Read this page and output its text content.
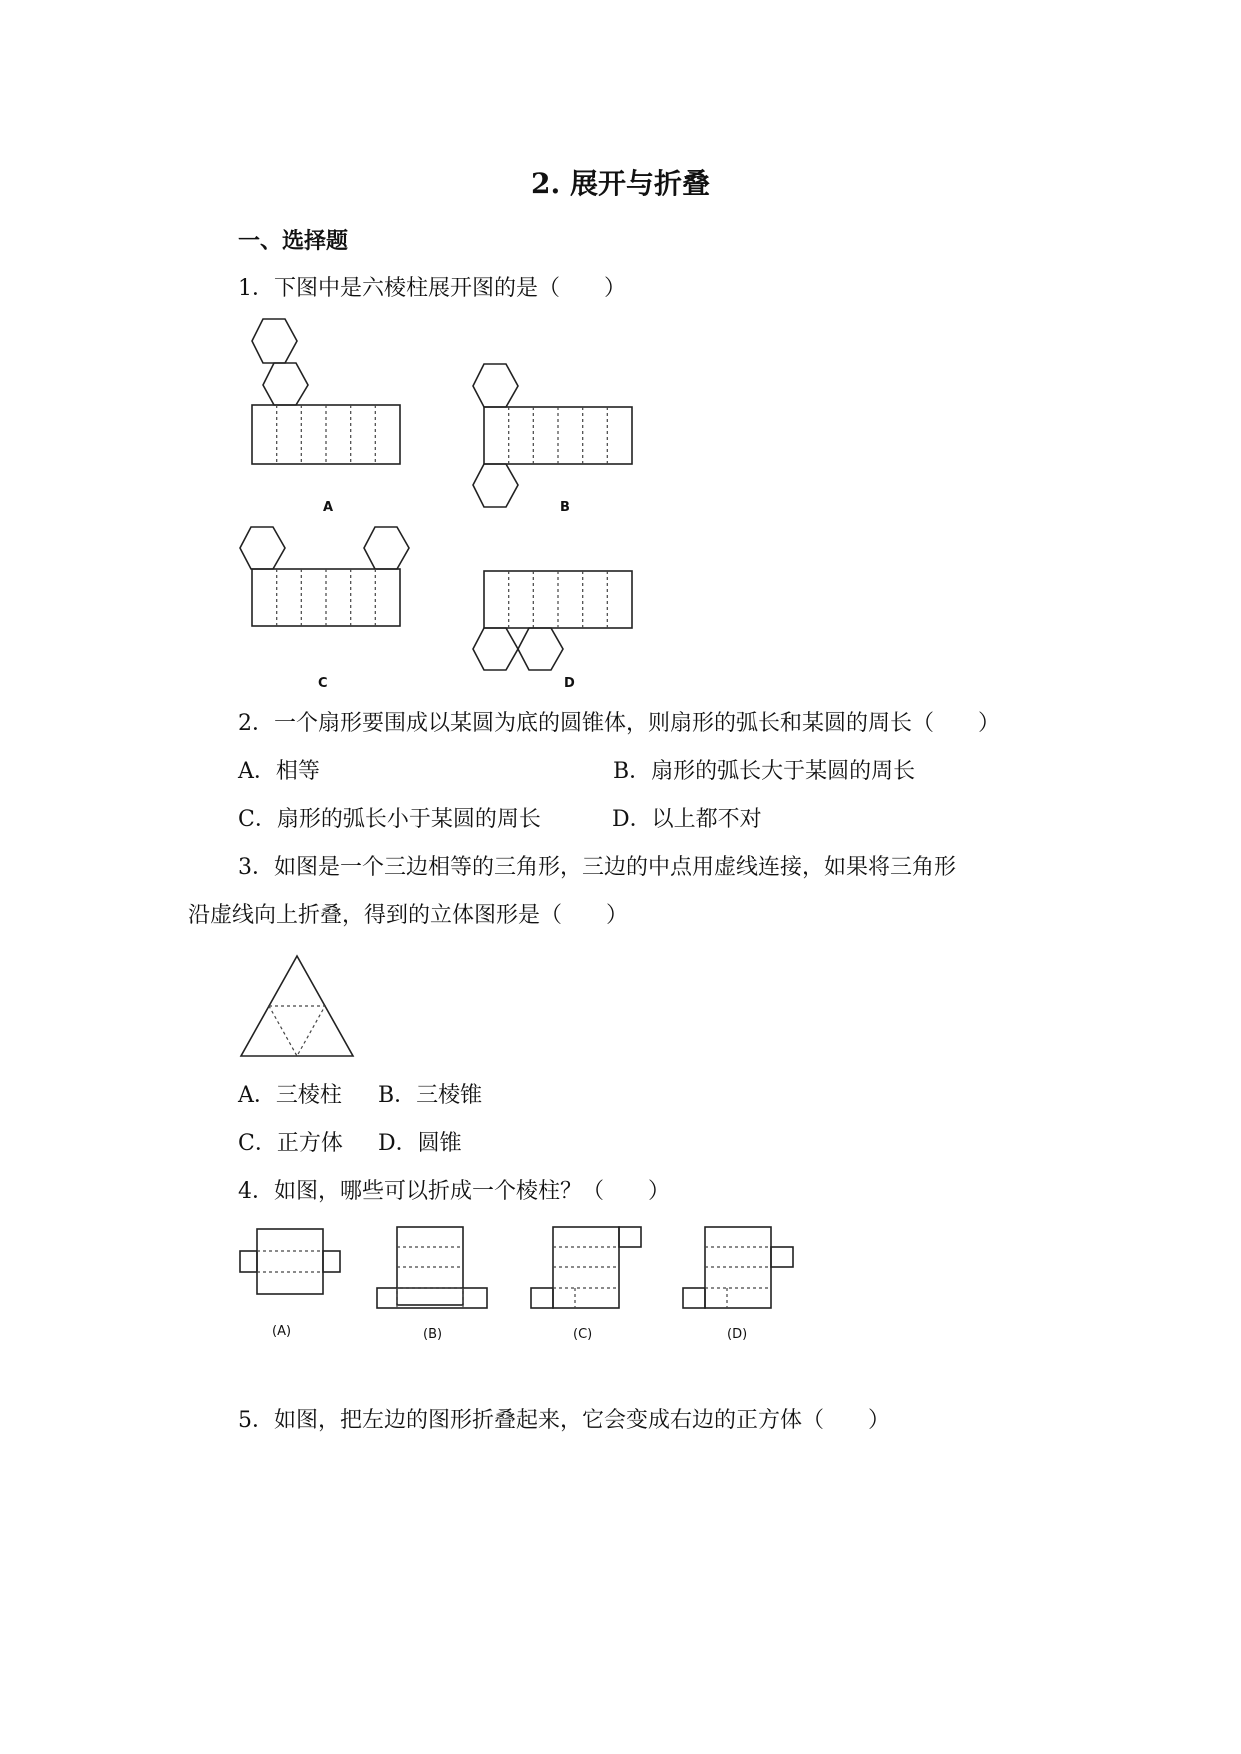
2. 展开与折叠
一、选择题
1．下图中是六棱柱展开图的是（　　）
A	B
C	D
2．一个扇形要围成以某圆为底的圆锥体，则扇形的弧长和某圆的周长（　　）
A．相等	B．扇形的弧长大于某圆的周长
C．扇形的弧长小于某圆的周长	D．以上都不对
3．如图是一个三边相等的三角形，三边的中点用虚线连接，如果将三角形
沿虚线向上折叠，得到的立体图形是（　　）
A．三棱柱 B．三棱锥
C．正方体 D．圆锥
4．如图，哪些可以折成一个棱柱？（　　）
(A)	(B)	(C)	(D)
5．如图，把左边的图形折叠起来，它会变成右边的正方体（　　）
